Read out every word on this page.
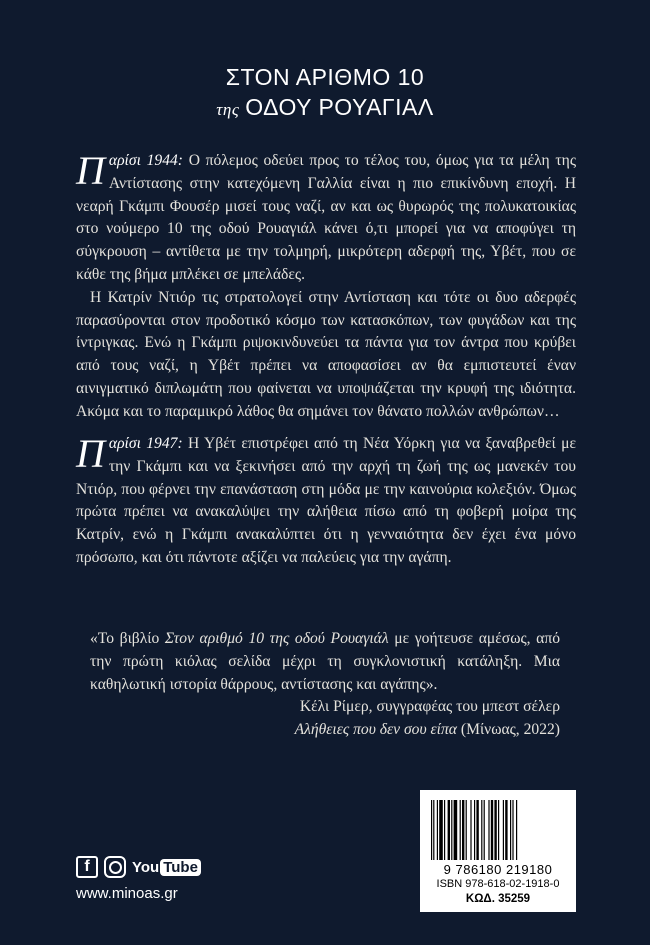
ΣΤΟΝ ΑΡΙΘΜΟ 10
της ΟΔΟΥ ΡΟΥΑΓΙΑΛ

Παρίσι 1944: Ο πόλεμος οδεύει προς το τέλος του, όμως για τα μέλη της Αντίστασης στην κατεχόμενη Γαλλία είναι η πιο επικίνδυνη εποχή. Η νεαρή Γκάμπι Φουσέρ μισεί τους ναζί, αν και ως θυρωρός της πολυκατοικίας στο νούμερο 10 της οδού Ρουαγιάλ κάνει ό,τι μπορεί για να αποφύγει τη σύγκρουση – αντίθετα με την τολμηρή, μικρότερη αδερφή της, Υβέτ, που σε κάθε της βήμα μπλέκει σε μπελάδες.

Η Κατρίν Ντιόρ τις στρατολογεί στην Αντίσταση και τότε οι δυο αδερφές παρασύρονται στον προδοτικό κόσμο των κατασκόπων, των φυγάδων και της ίντριγκας. Ενώ η Γκάμπι ριψοκινδυνεύει τα πάντα για τον άντρα που κρύβει από τους ναζί, η Υβέτ πρέπει να αποφασίσει αν θα εμπιστευτεί έναν αινιγματικό διπλωμάτη που φαίνεται να υποψιάζεται την κρυφή της ιδιότητα. Ακόμα και το παραμικρό λάθος θα σημάνει τον θάνατο πολλών ανθρώπων…

Παρίσι 1947: Η Υβέτ επιστρέφει από τη Νέα Υόρκη για να ξαναβρεθεί με την Γκάμπι και να ξεκινήσει από την αρχή τη ζωή της ως μανεκέν του Ντιόρ, που φέρνει την επανάσταση στη μόδα με την καινούρια κολεξιόν. Όμως πρώτα πρέπει να ανακαλύψει την αλήθεια πίσω από τη φοβερή μοίρα της Κατρίν, ενώ η Γκάμπι ανακαλύπτει ότι η γενναιότητα δεν έχει ένα μόνο πρόσωπο, και ότι πάντοτε αξίζει να παλεύεις για την αγάπη.

«Το βιβλίο Στον αριθμό 10 της οδού Ρουαγιάλ με γοήτευσε αμέσως, από την πρώτη κιόλας σελίδα μέχρι τη συγκλονιστική κατάληξη. Μια καθηλωτική ιστορία θάρρους, αντίστασης και αγάπης».
Κέλι Ρίμερ, συγγραφέας του μπεστ σέλερ
Αλήθειες που δεν σου είπα (Μίνωας, 2022)
f	You Tube
www.minoas.gr
9 786180 219180
ISBN 978-618-02-1918-0
ΚΩΔ. 35259
